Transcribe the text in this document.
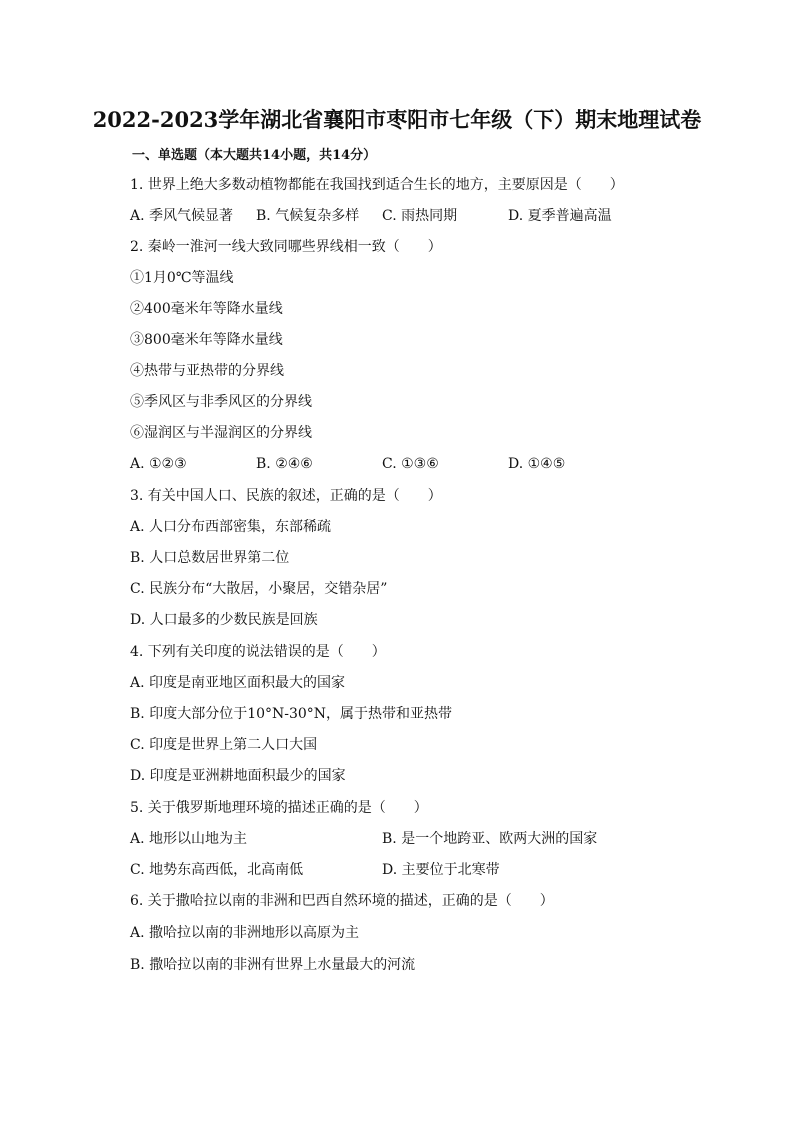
2022-2023学年湖北省襄阳市枣阳市七年级（下）期末地理试卷
一、单选题（本大题共14小题，共14分）
1. 世界上绝大多数动植物都能在我国找到适合生长的地方，主要原因是（　　）
A. 季风气候显著 B. 气候复杂多样 C. 雨热同期	D. 夏季普遍高温
2. 秦岭一淮河一线大致同哪些界线相一致（　　）
①1月0℃等温线
②400毫米年等降水量线
③800毫米年等降水量线
④热带与亚热带的分界线
⑤季风区与非季风区的分界线
⑥湿润区与半湿润区的分界线
A. ①②③	B. ②④⑥	C. ①③⑥	D. ①④⑤
3. 有关中国人口、民族的叙述，正确的是（　　）
A. 人口分布西部密集，东部稀疏
B. 人口总数居世界第二位
C. 民族分布“大散居，小聚居，交错杂居”
D. 人口最多的少数民族是回族
4. 下列有关印度的说法错误的是（　　）
A. 印度是南亚地区面积最大的国家
B. 印度大部分位于10°N-30°N，属于热带和亚热带
C. 印度是世界上第二人口大国
D. 印度是亚洲耕地面积最少的国家
5. 关于俄罗斯地理环境的描述正确的是（　　）
A. 地形以山地为主	B. 是一个地跨亚、欧两大洲的国家
C. 地势东高西低，北高南低	D. 主要位于北寒带
6. 关于撒哈拉以南的非洲和巴西自然环境的描述，正确的是（　　）
A. 撒哈拉以南的非洲地形以高原为主
B. 撒哈拉以南的非洲有世界上水量最大的河流
